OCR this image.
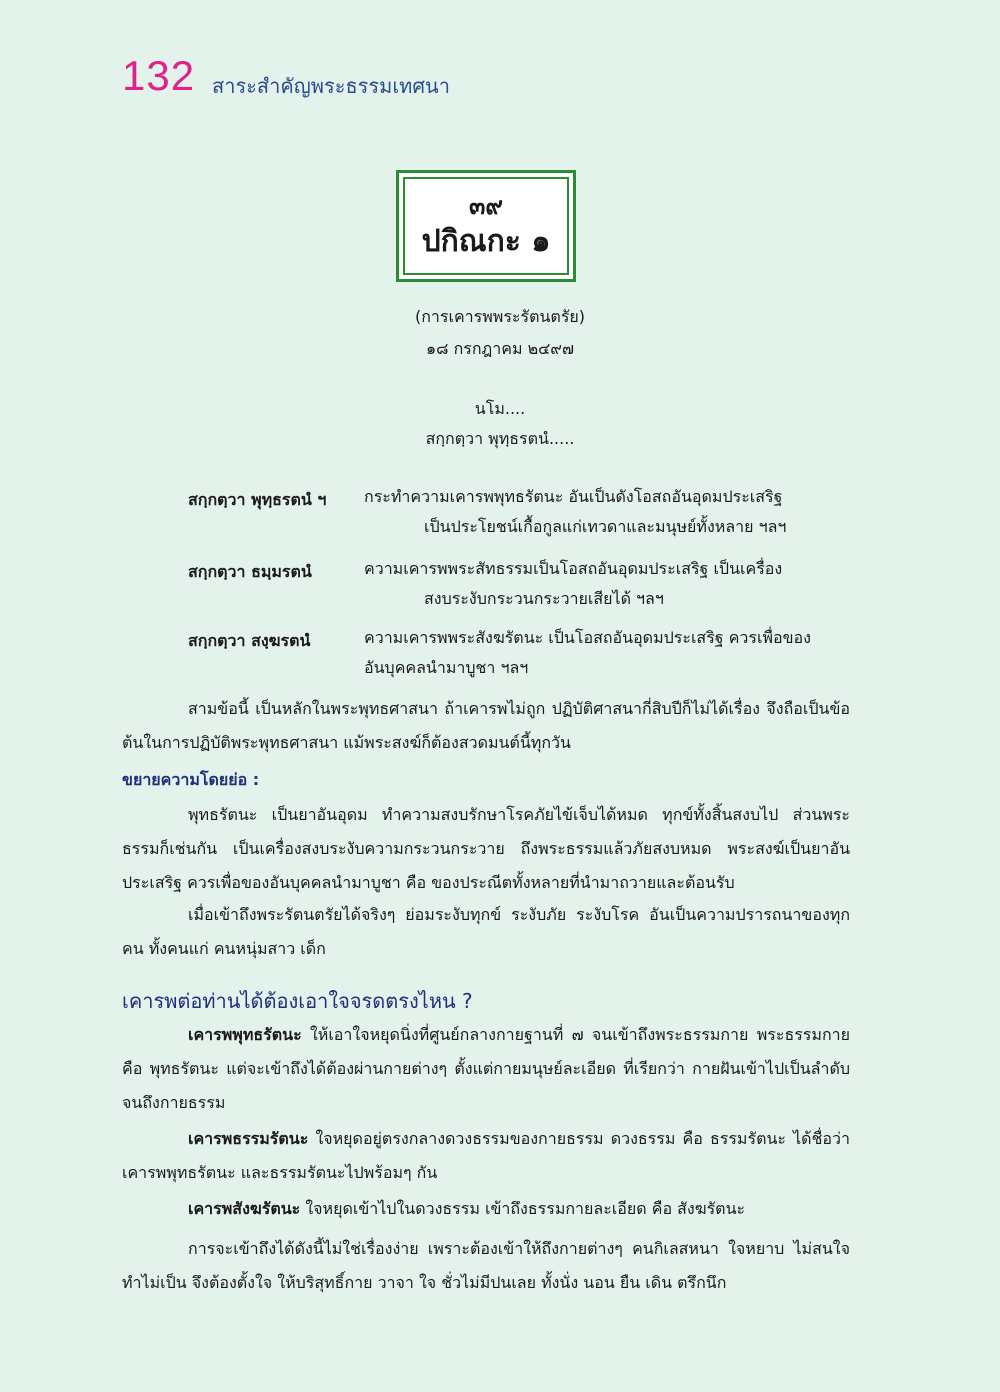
132 สาระสำคัญพระธรรมเทศนา
๓๙
ปกิณกะ ๑
(การเคารพพระรัตนตรัย)
๑๘ กรกฎาคม ๒๔๙๗
นโม....
สกฺกตฺวา พุทฺธรตนํ.....
สกฺกตฺวา พุทฺธรตนํ ฯ กระทำความเคารพพุทธรัตนะ อันเป็นดังโอสถอันอุดมประเสริฐ
เป็นประโยชน์เกื้อกูลแก่เทวดาและมนุษย์ทั้งหลาย ฯลฯ
สกฺกตฺวา ธมฺมรตนํ	ความเคารพพระสัทธรรมเป็นโอสถอันอุดมประเสริฐ เป็นเครื่อง
สงบระงับกระวนกระวายเสียได้ ฯลฯ
สกฺกตฺวา สงฺฆรตนํ	ความเคารพพระสังฆรัตนะ เป็นโอสถอันอุดมประเสริฐ ควรเพื่อของ
อันบุคคลนำมาบูชา ฯลฯ
สามข้อนี้ เป็นหลักในพระพุทธศาสนา ถ้าเคารพไม่ถูก ปฏิบัติศาสนากี่สิบปีก็ไม่ได้เรื่อง จึงถือเป็นข้อต้นในการปฏิบัติพระพุทธศาสนา แม้พระสงฆ์ก็ต้องสวดมนต์นี้ทุกวัน
ขยายความโดยย่อ :
พุทธรัตนะ เป็นยาอันอุดม ทำความสงบรักษาโรคภัยไข้เจ็บได้หมด ทุกข์ทั้งสิ้นสงบไป ส่วนพระธรรมก็เช่นกัน เป็นเครื่องสงบระงับความกระวนกระวาย ถึงพระธรรมแล้วภัยสงบหมด พระสงฆ์เป็นยาอันประเสริฐ ควรเพื่อของอันบุคคลนำมาบูชา คือ ของประณีตทั้งหลายที่นำมาถวายและต้อนรับ
เมื่อเข้าถึงพระรัตนตรัยได้จริงๆ ย่อมระงับทุกข์ ระงับภัย ระงับโรค อันเป็นความปรารถนาของทุกคน ทั้งคนแก่ คนหนุ่มสาว เด็ก
เคารพต่อท่านได้ต้องเอาใจจรดตรงไหน ?
เคารพพุทธรัตนะ ให้เอาใจหยุดนิ่งที่ศูนย์กลางกายฐานที่ ๗ จนเข้าถึงพระธรรมกาย พระธรรมกาย คือ พุทธรัตนะ แต่จะเข้าถึงได้ต้องผ่านกายต่างๆ ตั้งแต่กายมนุษย์ละเอียด ที่เรียกว่า กายฝันเข้าไปเป็นลำดับจนถึงกายธรรม
เคารพธรรมรัตนะ ใจหยุดอยู่ตรงกลางดวงธรรมของกายธรรม ดวงธรรม คือ ธรรมรัตนะ ได้ชื่อว่าเคารพพุทธรัตนะ และธรรมรัตนะไปพร้อมๆ กัน
เคารพสังฆรัตนะ ใจหยุดเข้าไปในดวงธรรม เข้าถึงธรรมกายละเอียด คือ สังฆรัตนะ
การจะเข้าถึงได้ดังนี้ไม่ใช่เรื่องง่าย เพราะต้องเข้าให้ถึงกายต่างๆ คนกิเลสหนา ใจหยาบ ไม่สนใจ ทำไม่เป็น จึงต้องตั้งใจ ให้บริสุทธิ์กาย วาจา ใจ ชั่วไม่มีปนเลย ทั้งนั่ง นอน ยืน เดิน ตรึกนึก
